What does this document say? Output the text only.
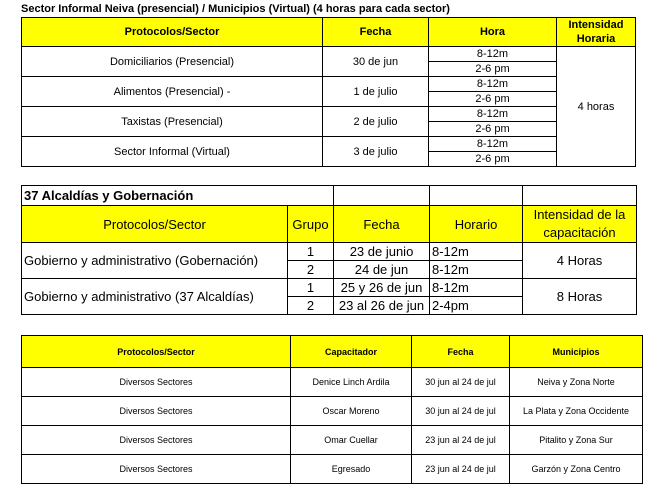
Sector Informal Neiva (presencial) / Municipios (Virtual) (4 horas para cada sector)
Protocolos/Sector	Fecha	Hora	Intensidad Horaria
Domiciliarios (Presencial)	30 de jun	8-12m	4 horas
		2-6 pm	
Alimentos (Presencial) -	1 de julio	8-12m	
		2-6 pm	
Taxistas (Presencial)	2 de julio	8-12m	
		2-6 pm	
Sector Informal (Virtual)	3 de julio	8-12m	
		2-6 pm	
37 Alcaldías y Gobernación				
Protocolos/Sector	Grupo	Fecha	Horario	Intensidad de la capacitación
Gobierno y administrativo (Gobernación)	1	23 de junio	8-12m	4 Horas
	2	24 de jun	8-12m	
Gobierno y administrativo (37 Alcaldías)	1	25 y 26 de jun	8-12m	8 Horas
	2	23 al 26 de jun	2-4pm	
Protocolos/Sector	Capacitador	Fecha	Municipios
Diversos Sectores	Denice Linch Ardila	30 jun al 24 de jul	Neiva y Zona Norte
Diversos Sectores	Oscar Moreno	30 jun al 24 de jul	La Plata y Zona Occidente
Diversos Sectores	Omar Cuellar	23 jun al 24 de jul	Pitalito y Zona Sur
Diversos Sectores	Egresado	23 jun al 24 de jul	Garzón y Zona Centro
